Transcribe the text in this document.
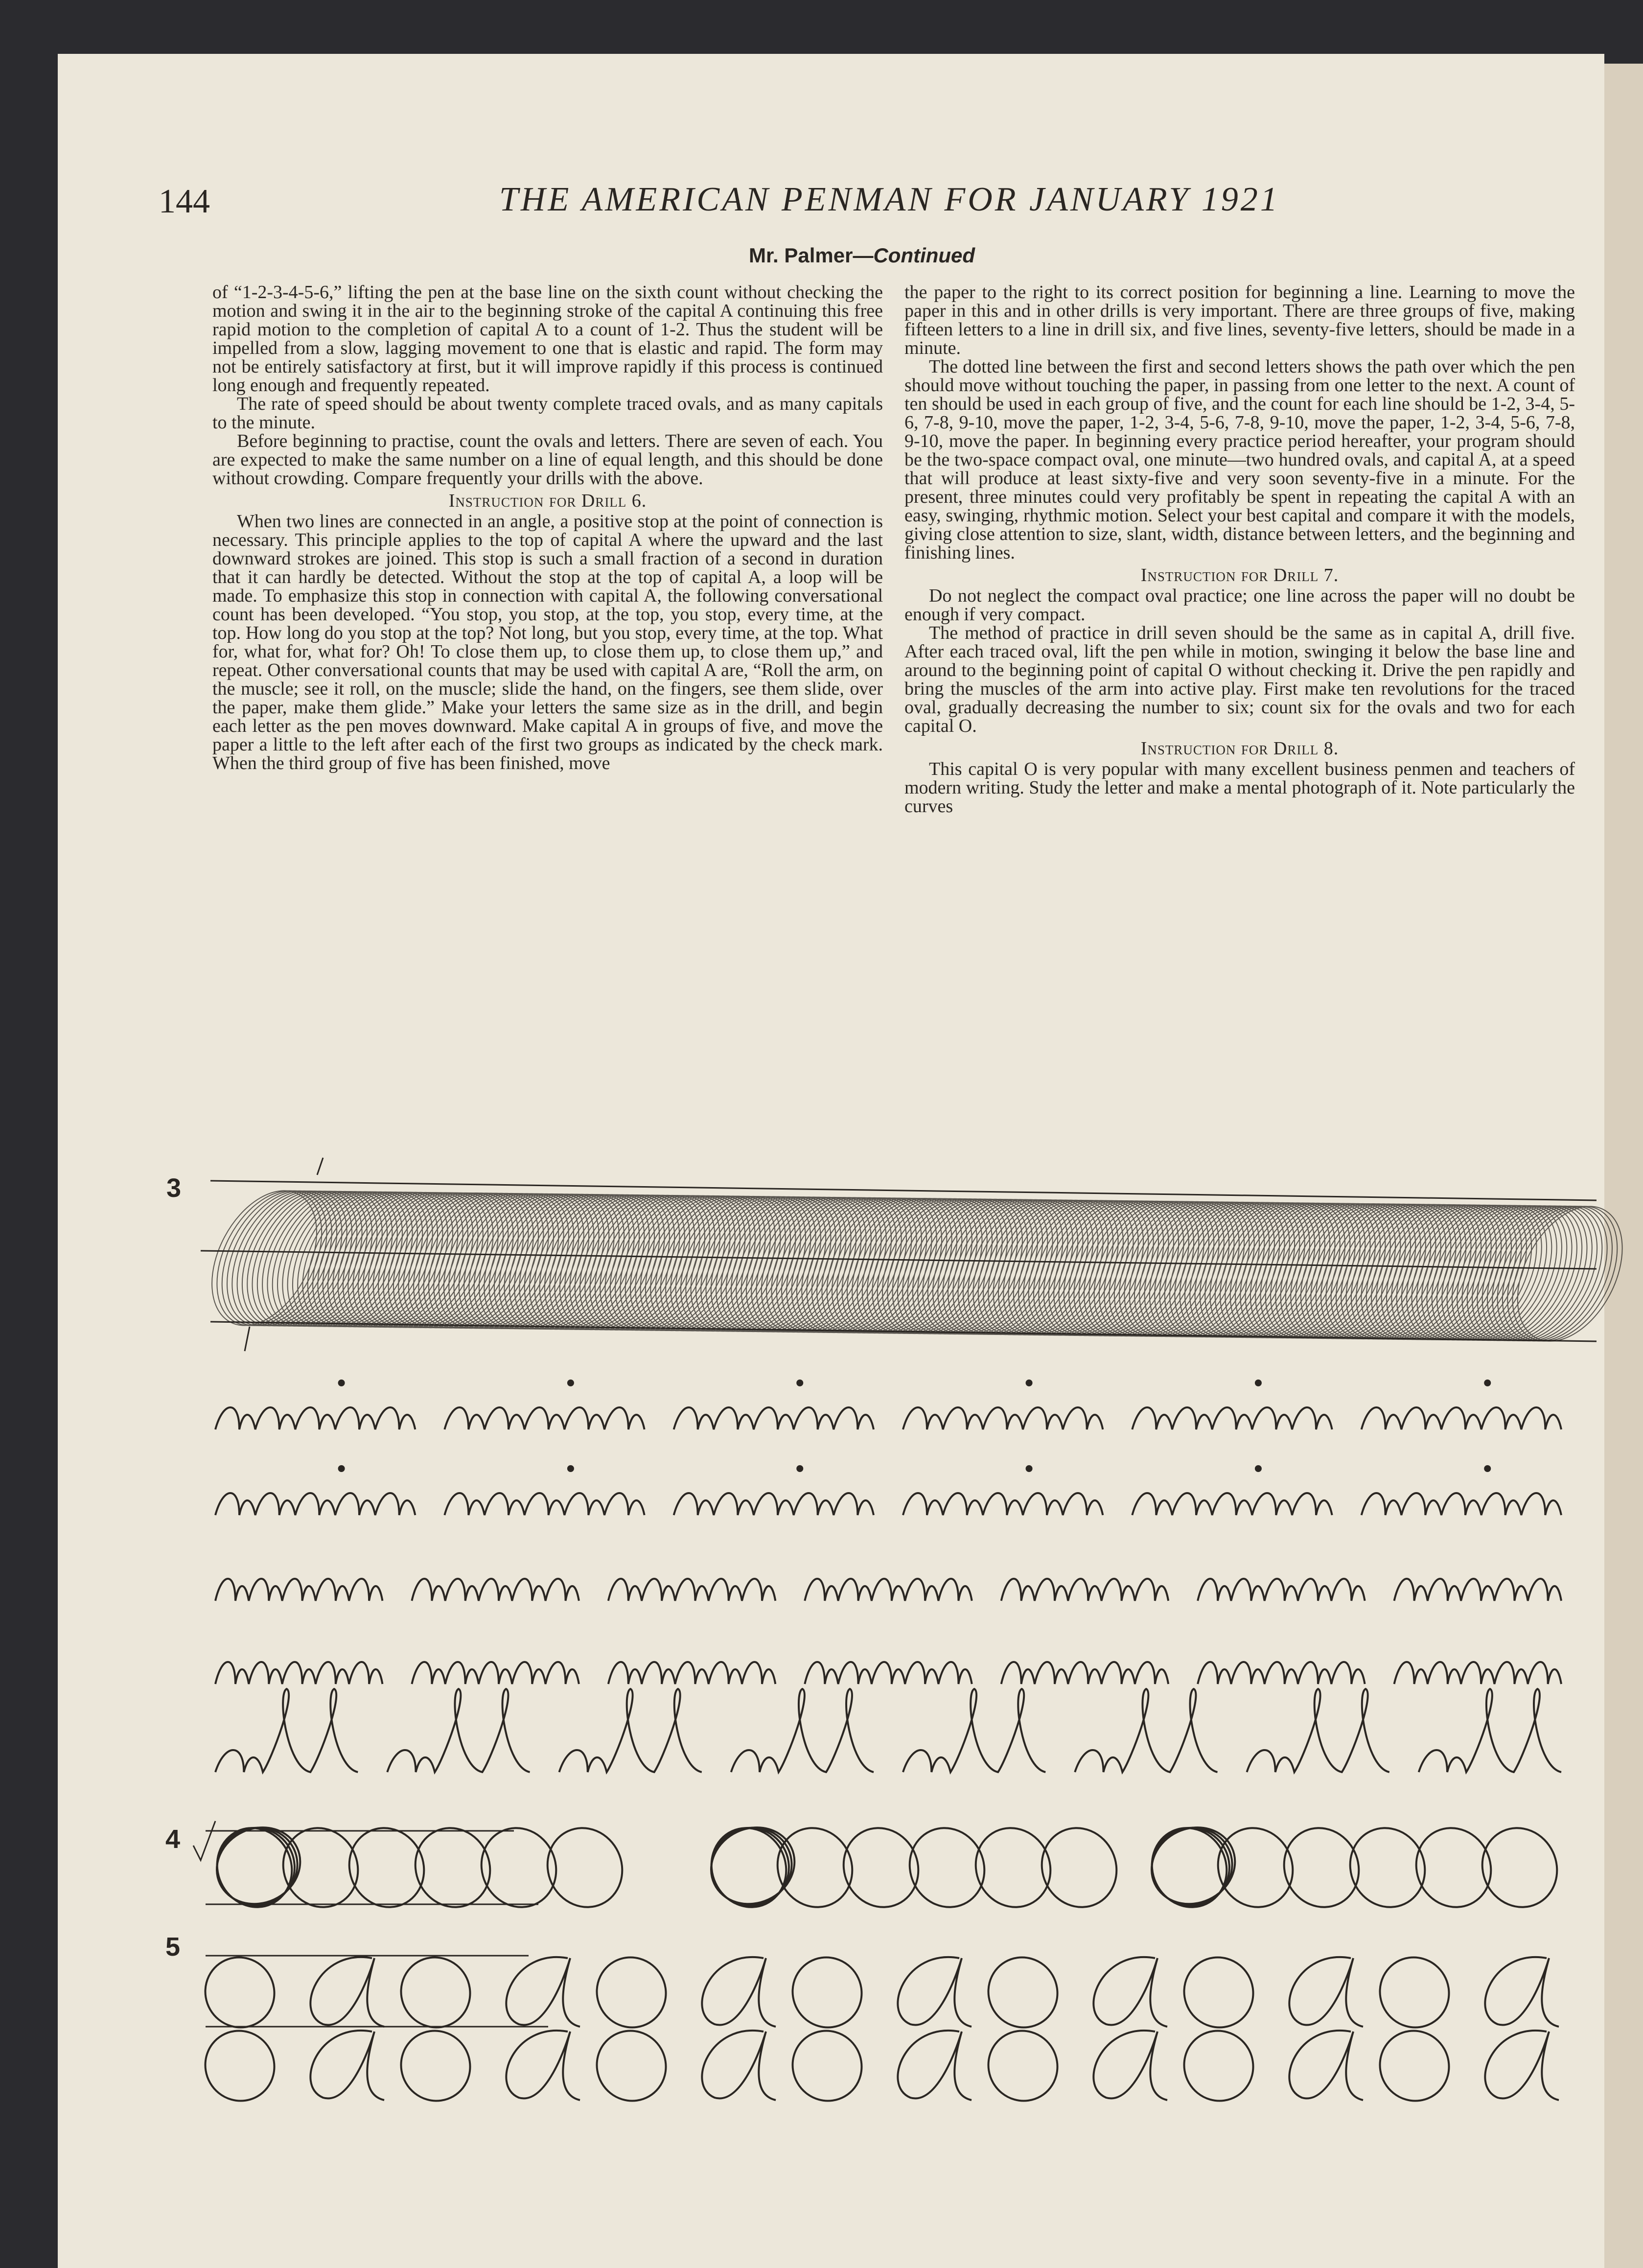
144	THE AMERICAN PENMAN FOR JANUARY 1921
Mr. Palmer—Continued

of “1-2-3-4-5-6,” lifting the pen at the base line on the sixth count without checking the motion and swing it in the air to the beginning stroke of the capital A continuing this free rapid motion to the completion of capital A to a count of 1-2. Thus the student will be impelled from a slow, lagging movement to one that is elastic and rapid. The form may not be entirely satisfactory at first, but it will improve rapidly if this process is continued long enough and frequently repeated.

The rate of speed should be about twenty complete traced ovals, and as many capitals to the minute.

Before beginning to practise, count the ovals and letters. There are seven of each. You are expected to make the same number on a line of equal length, and this should be done without crowding. Compare frequently your drills with the above.

Instruction for Drill 6.

When two lines are connected in an angle, a positive stop at the point of connection is necessary. This principle applies to the top of capital A where the upward and the last downward strokes are joined. This stop is such a small fraction of a second in duration that it can hardly be detected. Without the stop at the top of capital A, a loop will be made. To emphasize this stop in connection with capital A, the following conversational count has been developed. “You stop, you stop, at the top, you stop, every time, at the top. How long do you stop at the top? Not long, but you stop, every time, at the top. What for, what for, what for? Oh! To close them up, to close them up, to close them up,” and repeat. Other conversational counts that may be used with capital A are, “Roll the arm, on the muscle; see it roll, on the muscle; slide the hand, on the fingers, see them slide, over the paper, make them glide.” Make your letters the same size as in the drill, and begin each letter as the pen moves downward. Make capital A in groups of five, and move the paper a little to the left after each of the first two groups as indicated by the check mark. When the third group of five has been finished, move

the paper to the right to its correct position for beginning a line. Learning to move the paper in this and in other drills is very important. There are three groups of five, making fifteen letters to a line in drill six, and five lines, seventy-five letters, should be made in a minute.

The dotted line between the first and second letters shows the path over which the pen should move without touching the paper, in passing from one letter to the next. A count of ten should be used in each group of five, and the count for each line should be 1-2, 3-4, 5-6, 7-8, 9-10, move the paper, 1-2, 3-4, 5-6, 7-8, 9-10, move the paper, 1-2, 3-4, 5-6, 7-8, 9-10, move the paper. In beginning every practice period hereafter, your program should be the two-space compact oval, one minute—two hundred ovals, and capital A, at a speed that will produce at least sixty-five and very soon seventy-five in a minute. For the present, three minutes could very profitably be spent in repeating the capital A with an easy, swinging, rhythmic motion. Select your best capital and compare it with the models, giving close attention to size, slant, width, distance between letters, and the beginning and finishing lines.

Instruction for Drill 7.

Do not neglect the compact oval practice; one line across the paper will no doubt be enough if very compact.

The method of practice in drill seven should be the same as in capital A, drill five. After each traced oval, lift the pen while in motion, swinging it below the base line and around to the beginning point of capital O without checking it. Drive the pen rapidly and bring the muscles of the arm into active play. First make ten revolutions for the traced oval, gradually decreasing the number to six; count six for the ovals and two for each capital O.

Instruction for Drill 8.

This capital O is very popular with many excellent business penmen and teachers of modern writing. Study the letter and make a mental photograph of it. Note particularly the curves

3
4
5
